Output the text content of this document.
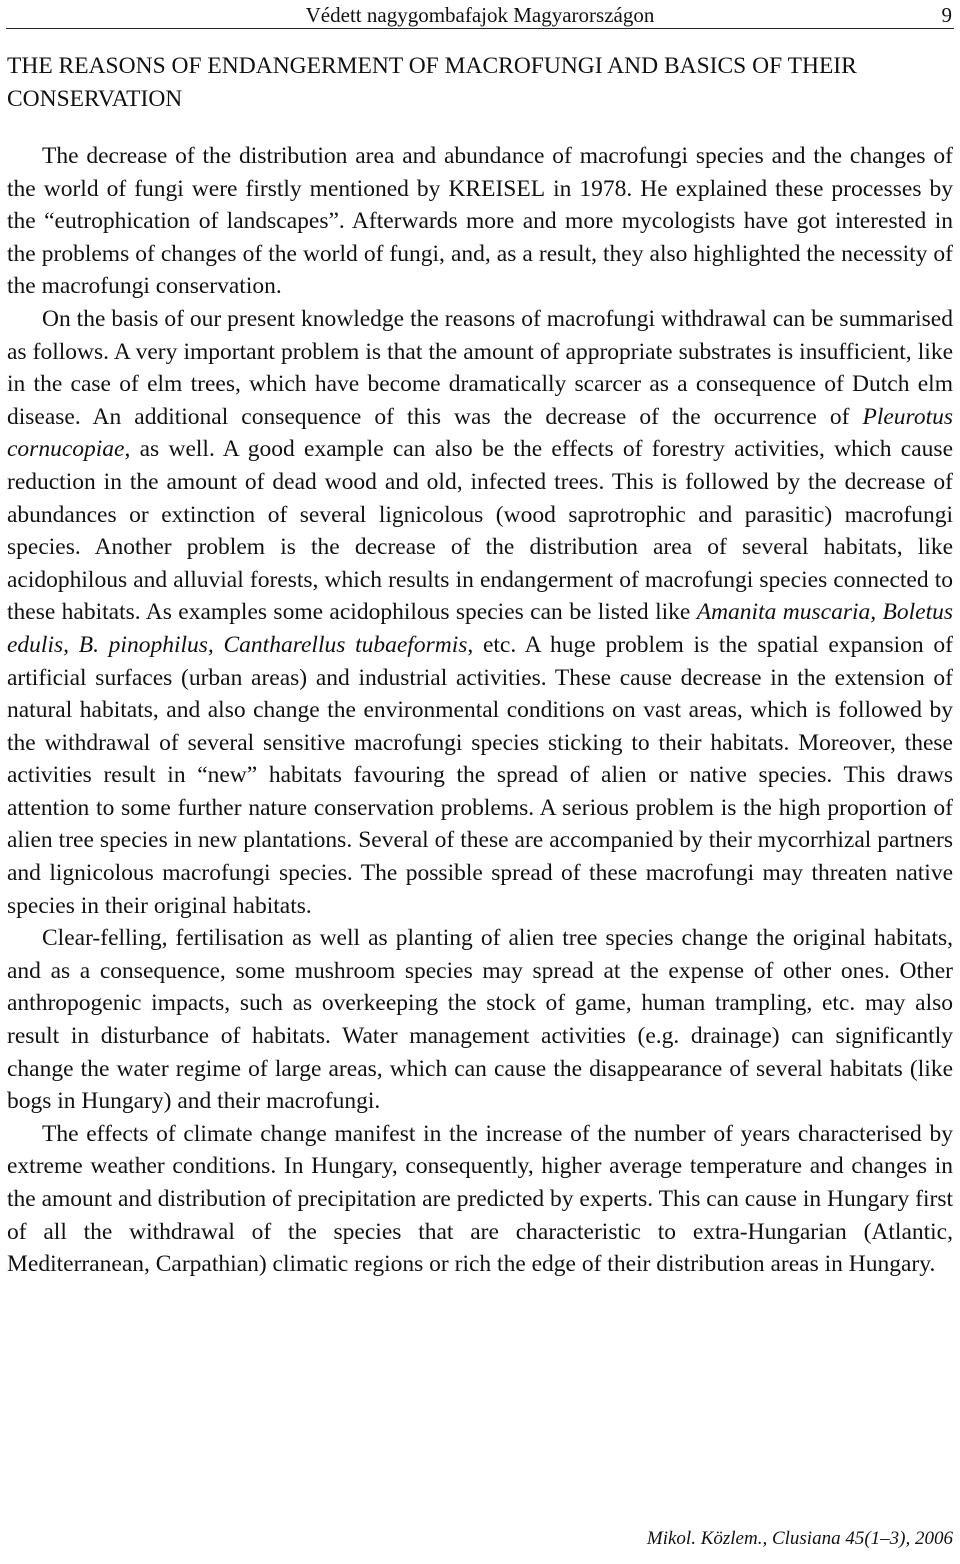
Védett nagygombafajok Magyarországon	9
THE REASONS OF ENDANGERMENT OF MACROFUNGI AND BASICS OF THEIR CONSERVATION

The decrease of the distribution area and abundance of macrofungi species and the changes of the world of fungi were firstly mentioned by KREISEL in 1978. He explained these processes by the “eutrophication of landscapes”. Afterwards more and more mycologists have got interested in the problems of changes of the world of fungi, and, as a result, they also highlighted the necessity of the macrofungi conservation.

On the basis of our present knowledge the reasons of macrofungi withdrawal can be summarised as follows. A very important problem is that the amount of appropriate substrates is insufficient, like in the case of elm trees, which have become dramatically scarcer as a consequence of Dutch elm disease. An additional consequence of this was the decrease of the occurrence of Pleurotus cornucopiae, as well. A good example can also be the effects of forestry activities, which cause reduction in the amount of dead wood and old, infected trees. This is followed by the decrease of abundances or extinction of several lignicolous (wood saprotrophic and parasitic) macrofungi species. Another problem is the decrease of the distribution area of several habitats, like acidophilous and alluvial forests, which results in endangerment of macrofungi species connected to these habitats. As examples some acidophilous species can be listed like Amanita muscaria, Boletus edulis, B. pinophilus, Cantharellus tubaeformis, etc. A huge problem is the spatial expansion of artificial surfaces (urban areas) and industrial activities. These cause decrease in the extension of natural habitats, and also change the environmental conditions on vast areas, which is followed by the withdrawal of several sensitive macrofungi species sticking to their habitats. Moreover, these activities result in “new” habitats favouring the spread of alien or native species. This draws attention to some further nature conservation problems. A serious problem is the high proportion of alien tree species in new plantations. Several of these are accompanied by their mycorrhizal partners and lignicolous macrofungi species. The possible spread of these macrofungi may threaten native species in their original habitats.

Clear-felling, fertilisation as well as planting of alien tree species change the original habitats, and as a consequence, some mushroom species may spread at the expense of other ones. Other anthropogenic impacts, such as overkeeping the stock of game, human trampling, etc. may also result in disturbance of habitats. Water management activities (e.g. drainage) can significantly change the water regime of large areas, which can cause the disappearance of several habitats (like bogs in Hungary) and their macrofungi.

The effects of climate change manifest in the increase of the number of years characterised by extreme weather conditions. In Hungary, consequently, higher average temperature and changes in the amount and distribution of precipitation are predicted by experts. This can cause in Hungary first of all the withdrawal of the species that are characteristic to extra-Hungarian (Atlantic, Mediterranean, Carpathian) climatic regions or rich the edge of their distribution areas in Hungary.

Mikol. Közlem., Clusiana 45(1–3), 2006
